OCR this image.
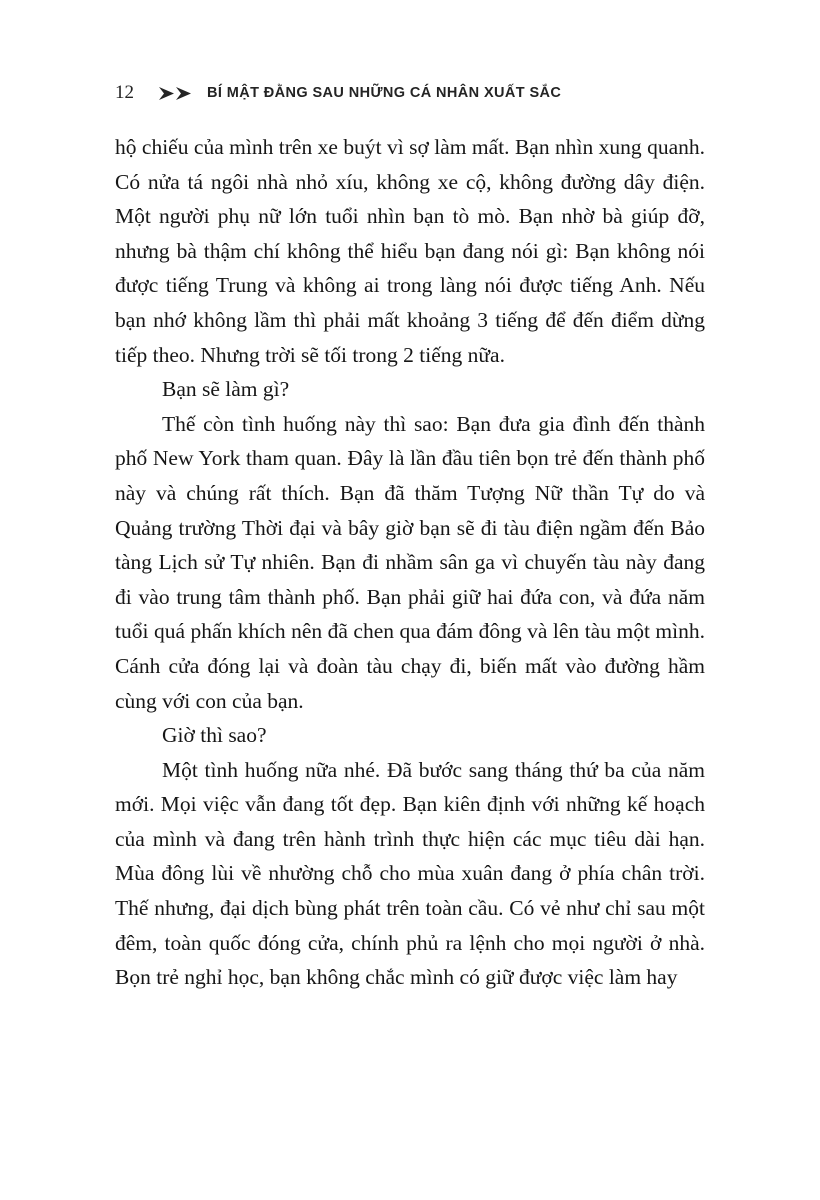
12	BÍ MẬT ĐẰNG SAU NHỮNG CÁ NHÂN XUẤT SẮC

hộ chiếu của mình trên xe buýt vì sợ làm mất. Bạn nhìn xung quanh. Có nửa tá ngôi nhà nhỏ xíu, không xe cộ, không đường dây điện. Một người phụ nữ lớn tuổi nhìn bạn tò mò. Bạn nhờ bà giúp đỡ, nhưng bà thậm chí không thể hiểu bạn đang nói gì: Bạn không nói được tiếng Trung và không ai trong làng nói được tiếng Anh. Nếu bạn nhớ không lầm thì phải mất khoảng 3 tiếng để đến điểm dừng tiếp theo. Nhưng trời sẽ tối trong 2 tiếng nữa.

Bạn sẽ làm gì?

Thế còn tình huống này thì sao: Bạn đưa gia đình đến thành phố New York tham quan. Đây là lần đầu tiên bọn trẻ đến thành phố này và chúng rất thích. Bạn đã thăm Tượng Nữ thần Tự do và Quảng trường Thời đại và bây giờ bạn sẽ đi tàu điện ngầm đến Bảo tàng Lịch sử Tự nhiên. Bạn đi nhầm sân ga vì chuyến tàu này đang đi vào trung tâm thành phố. Bạn phải giữ hai đứa con, và đứa năm tuổi quá phấn khích nên đã chen qua đám đông và lên tàu một mình. Cánh cửa đóng lại và đoàn tàu chạy đi, biến mất vào đường hầm cùng với con của bạn.

Giờ thì sao?

Một tình huống nữa nhé. Đã bước sang tháng thứ ba của năm mới. Mọi việc vẫn đang tốt đẹp. Bạn kiên định với những kế hoạch của mình và đang trên hành trình thực hiện các mục tiêu dài hạn. Mùa đông lùi về nhường chỗ cho mùa xuân đang ở phía chân trời. Thế nhưng, đại dịch bùng phát trên toàn cầu. Có vẻ như chỉ sau một đêm, toàn quốc đóng cửa, chính phủ ra lệnh cho mọi người ở nhà. Bọn trẻ nghỉ học, bạn không chắc mình có giữ được việc làm hay
